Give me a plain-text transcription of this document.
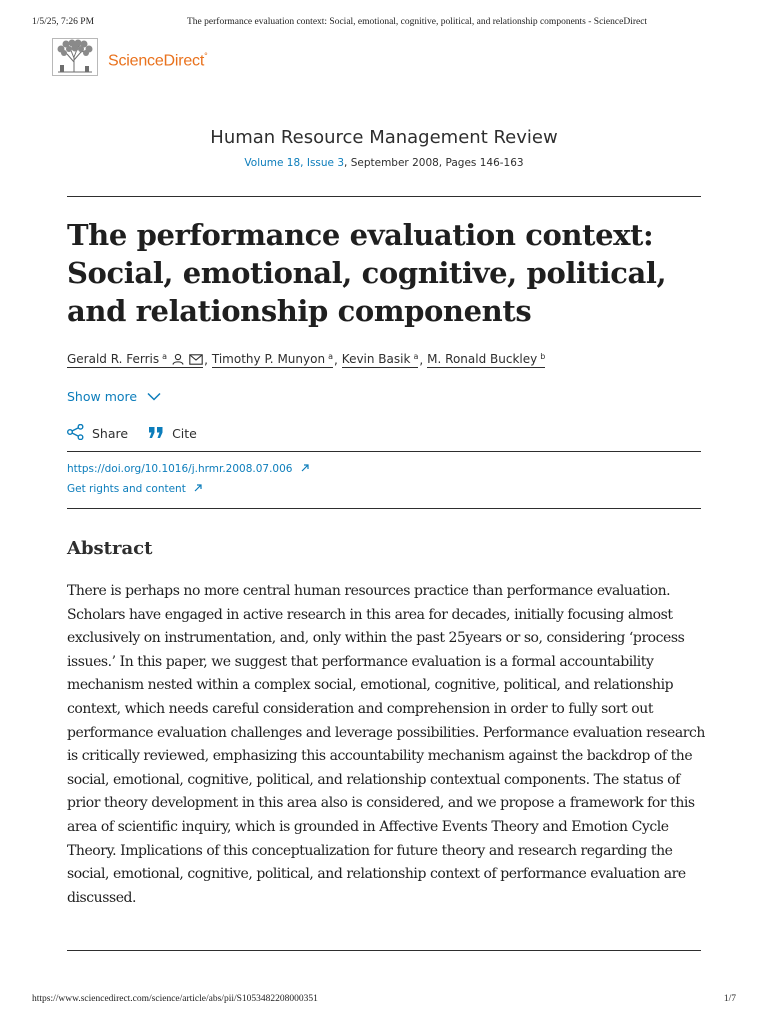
1/5/25, 7:26 PM	The performance evaluation context: Social, emotional, cognitive, political, and relationship components - ScienceDirect
ScienceDirect°
Human Resource Management Review
Volume 18, Issue 3, September 2008, Pages 146-163
The performance evaluation context: Social, emotional, cognitive, political, and relationship components
Gerald R. Ferris $^a$	, Timothy P. Munyon $^a$ , Kevin Basik $^a$ , M. Ronald Buckley $^b$
Show more
Share	Cite
https://doi.org/10.1016/j.hrmr.2008.07.006
Get rights and content
Abstract

There is perhaps no more central human resources practice than performance evaluation. Scholars have engaged in active research in this area for decades, initially focusing almost exclusively on instrumentation, and, only within the past 25years or so, considering ‘process issues.’ In this paper, we suggest that performance evaluation is a formal accountability mechanism nested within a complex social, emotional, cognitive, political, and relationship context, which needs careful consideration and comprehension in order to fully sort out performance evaluation challenges and leverage possibilities. Performance evaluation research is critically reviewed, emphasizing this accountability mechanism against the backdrop of the social, emotional, cognitive, political, and relationship contextual components. The status of prior theory development in this area also is considered, and we propose a framework for this area of scientific inquiry, which is grounded in Affective Events Theory and Emotion Cycle Theory. Implications of this conceptualization for future theory and research regarding the social, emotional, cognitive, political, and relationship context of performance evaluation are discussed.

https://www.sciencedirect.com/science/article/abs/pii/S1053482208000351	1/7
